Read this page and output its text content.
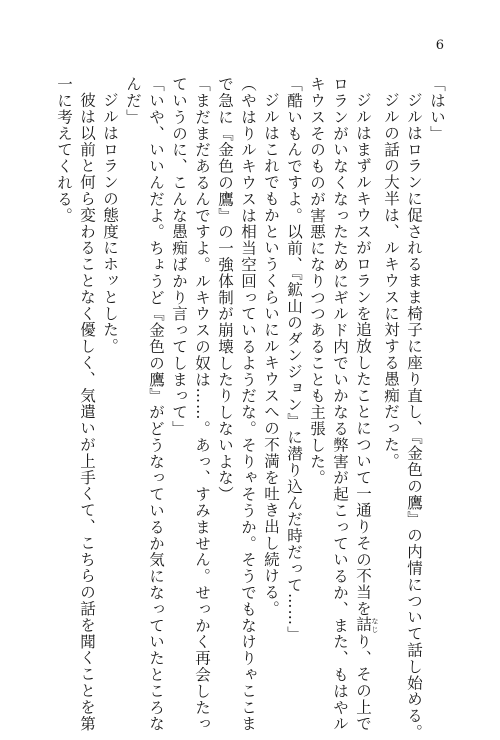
6
「はい」
ジルはロランに促されるまま椅子に座り直し、『金色の鷹』の内情について話し始める。
ジルの話の大半は、ルキウスに対する愚痴だった。
ジルはまずルキウスがロランを追放したことについて一通りその不当を詰 なじり、その上で
ロランがいなくなったためにギルド内でいかなる弊害が起こっているか、また、もはやル
キウスそのものが害悪になりつつあることも主張した。
「酷いもんですよ。以前、『鉱山のダンジョン』に潜り込んだ時だって……」
ジルはこれでもかというくらいにルキウスへの不満を吐き出し続ける。
（やはりルキウスは相当空回っているようだな。そりゃそうか。そうでもなけりゃここま
で急に『金色の鷹』の一強体制が崩壊したりしないよな）
「まだまだあるんですよ。ルキウスの奴は……。あっ、すみません。せっかく再会したっ
ていうのに、こんな愚痴ばかり言ってしまって」
「いや、いいんだよ。ちょうど『金色の鷹』がどうなっているか気になっていたところな
んだ」
ジルはロランの態度にホッとした。
彼は以前と何ら変わることなく優しく、気遣いが上手くて、こちらの話を聞くことを第
一に考えてくれる。
